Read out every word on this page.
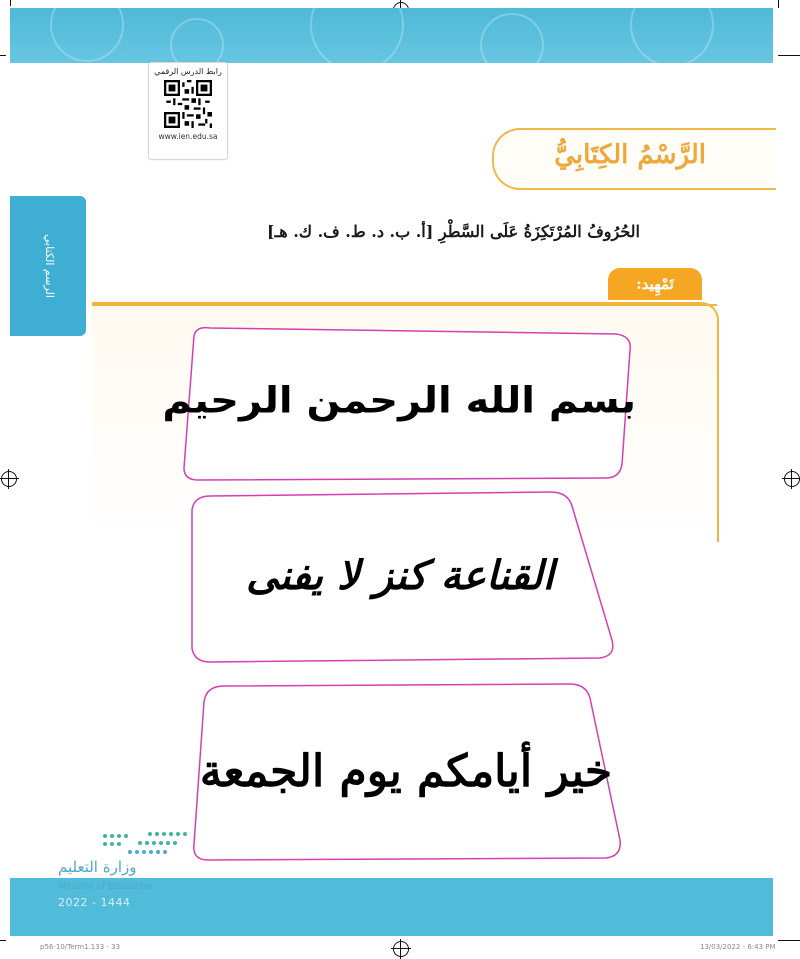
رابط الدرس الرقمي
www.ien.edu.sa
الرَّسْمُ الكِتَابِيُّ
الرسم الكتابي
الحُرُوفُ المُرْتَكِزَةُ عَلَى السَّطْرِ [أ. ب. د. ط. ف. ك. هـ]
تَمْهِيد:
بسم الله الرحمن الرحيم
القناعة كنز لا يفنى
خير أيامكم يوم الجمعة
وزارة التعليم
Ministry of Education
2022 - 1444
p56-10/Term1.133 - 33	13/03/2022 - 6:43 PM
